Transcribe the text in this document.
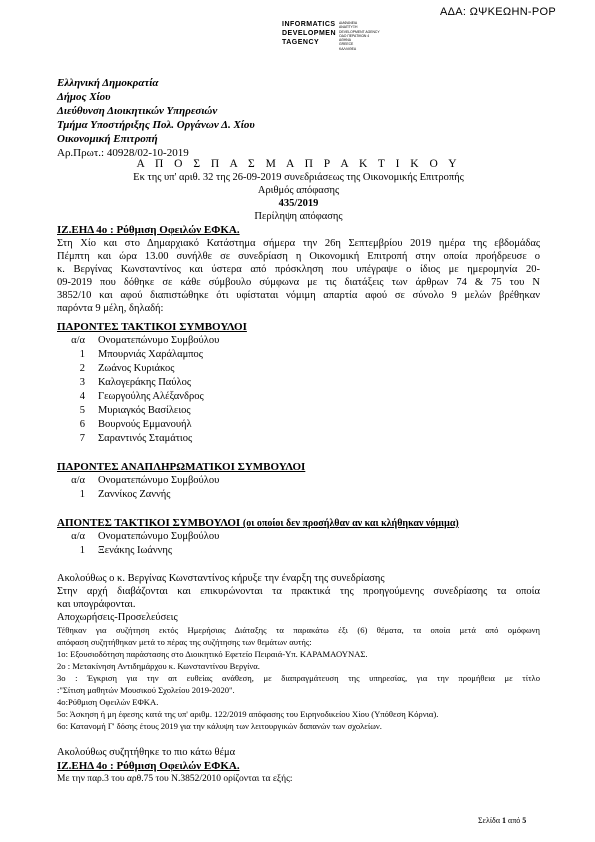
ΑΔΑ: ΩΨΚΕΩΗΝ-ΡΟΡ
INFORMATICS
DEVELOPMEN
TAGENCY
ΔΙΑΦΑΝΕΙΑ
ΑΝΑΠΤΥΞΗ
DEVELOPMENT AGENCY
ΟΔΟ ΠΕΡΑΤΙΚΩΝ 4
ΑΘΗΝΑ
GREECE
ΚΑΛΛΙΘΕΑ
Ελληνική Δημοκρατία
Δήμος Χίου
Διεύθυνση Διοικητικών Υπηρεσιών
Τμήμα Υποστήριξης Πολ. Οργάνων Δ. Χίου
Οικονομική Επιτροπή
Αρ.Πρωτ.: 40928/02-10-2019
Α Π Ο Σ Π Α Σ Μ Α Π Ρ Α Κ Τ Ι Κ Ο Υ
Εκ της υπ' αριθ. 32 της 26-09-2019 συνεδριάσεως της Οικονομικής Επιτροπής
Αριθμός απόφασης
435/2019
Περίληψη απόφασης
ΙΖ.ΕΗΔ 4ο : Ρύθμιση Οφειλών ΕΦΚΑ.
Στη Χίο και στο Δημαρχιακό Κατάστημα σήμερα την 26η Σεπτεμβρίου 2019 ημέρα της εβδομάδας
Πέμπτη και ώρα 13.00 συνήλθε σε συνεδρίαση η Οικονομική Επιτροπή στην οποία προήδρευσε ο
κ. Βεργίνας Κωνσταντίνος και ύστερα από πρόσκληση που υπέγραψε ο ίδιος με ημερομηνία 20-
09-2019 που δόθηκε σε κάθε σύμβουλο σύμφωνα με τις διατάξεις των άρθρων 74 & 75 του Ν
3852/10 και αφού διαπιστώθηκε ότι υφίσταται νόμιμη απαρτία αφού σε σύνολο 9 μελών βρέθηκαν
παρόντα 9 μέλη, δηλαδή:
ΠΑΡΟΝΤΕΣ ΤΑΚΤΙΚΟΙ ΣΥΜΒΟΥΛΟΙ
α/α Ονοματεπώνυμο Συμβούλου
1 Μπουρνιάς Χαράλαμπος
2 Ζωάνος Κυριάκος
3 Καλογεράκης Παύλος
4 Γεωργούλης Αλέξανδρος
5 Μυριαγκός Βασίλειος
6 Βουρνούς Εμμανουήλ
7 Σαραντινός Σταμάτιος
ΠΑΡΟΝΤΕΣ ΑΝΑΠΛΗΡΩΜΑΤΙΚΟΙ ΣΥΜΒΟΥΛΟΙ
α/α Ονοματεπώνυμο Συμβούλου
1 Ζαννίκος Ζαννής
ΑΠΟΝΤΕΣ ΤΑΚΤΙΚΟΙ ΣΥΜΒΟΥΛΟΙ (οι οποίοι δεν προσήλθαν αν και κλήθηκαν νόμιμα)
α/α Ονοματεπώνυμο Συμβούλου
1 Ξενάκης Ιωάννης
Ακολούθως ο κ. Βεργίνας Κωνσταντίνος κήρυξε την έναρξη της συνεδρίασης
Στην αρχή διαβάζονται και επικυρώνονται τα πρακτικά της προηγούμενης συνεδρίασης τα οποία
και υπογράφονται.
Αποχωρήσεις-Προσελεύσεις
Τέθηκαν για συζήτηση εκτός Ημερήσιας Διάταξης τα παρακάτω έξι (6) θέματα, τα οποία μετά από ομόφωνη
απόφαση συζητήθηκαν μετά το πέρας της συζήτησης των θεμάτων αυτής:
1ο: Εξουσιοδότηση παράστασης στο Διοικητικό Εφετείο Πειραιά-Υπ. ΚΑΡΑΜΑΟΥΝΑΣ.
2ο : Μετακίνηση Αντιδημάρχου κ. Κωνσταντίνου Βεργίνα.
3ο : Έγκριση για την απ ευθείας ανάθεση, με διαπραγμάτευση της υπηρεσίας, για την προμήθεια με τίτλο
:"Σίτιση μαθητών Μουσικού Σχολείου 2019-2020".
4ο:Ρύθμιση Οφειλών ΕΦΚΑ.
5ο: Άσκηση ή μη έφεσης κατά της υπ' αριθμ. 122/2019 απόφασης του Ειρηνοδικείου Χίου (Υπόθεση Κόρνια).
6ο: Κατανομή Γ' δόσης έτους 2019 για την κάλυψη των λειτουργικών δαπανών των σχολείων.
Ακολούθως συζητήθηκε το πιο κάτω θέμα
ΙΖ.ΕΗΔ 4ο : Ρύθμιση Οφειλών ΕΦΚΑ.
Με την παρ.3 του αρθ.75 του Ν.3852/2010 ορίζονται τα εξής:
Σελίδα 1 από 5
